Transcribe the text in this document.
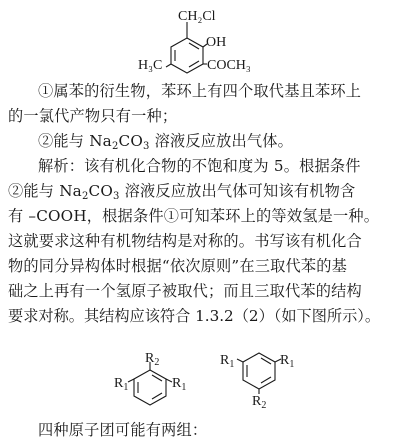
CH₂Cl
OH
H₃C	COCH₃
①属苯的衍生物，苯环上有四个取代基且苯环上
的一氯代产物只有一种；
②能与 $Na_2CO_3$ 溶液反应放出气体。
解析：该有机化合物的不饱和度为 5。根据条件
②能与 $Na_2CO_3$ 溶液反应放出气体可知该有机物含
有 –COOH，根据条件①可知苯环上的等效氢是一种。
这就要求这种有机物结构是对称的。书写该有机化合
物的同分异构体时根据“依次原则”在三取代苯的基
础之上再有一个氢原子被取代；而且三取代苯的结构
要求对称。其结构应该符合 1.3.2（2）（如下图所示）。
$R_2$
$R_1$	$R_1$
$R_1$	$R_1$
$R_2$
四种原子团可能有两组：
